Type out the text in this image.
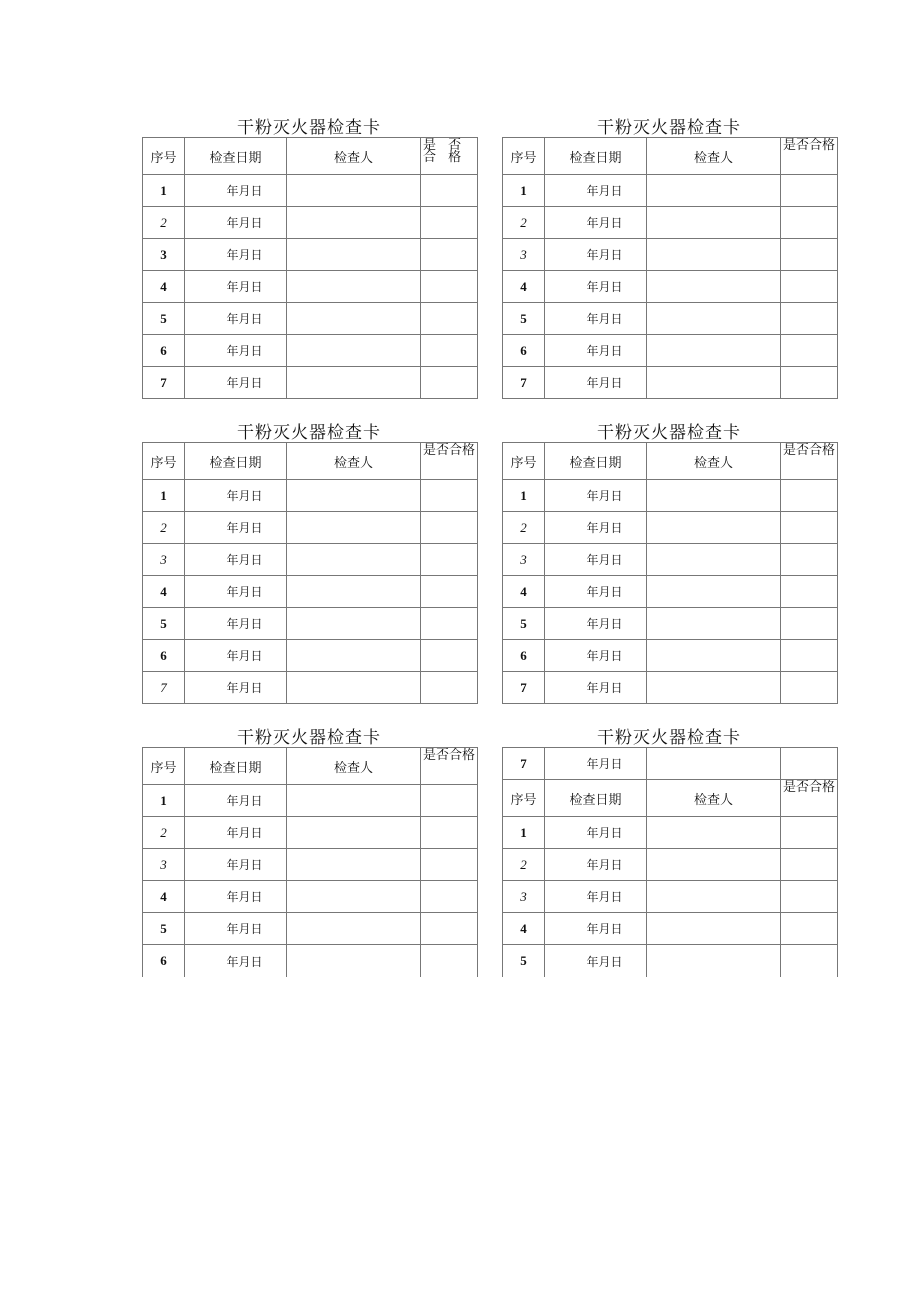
干粉灭火器检查卡
序号	检查日期	检查人
是 否
合 格
1	年月日
2	年月日
3	年月日
4	年月日
5	年月日
6	年月日
7	年月日
干粉灭火器检查卡
序号	检查日期	检查人
是否合格
1	年月日
2	年月日
3	年月日
4	年月日
5	年月日
6	年月日
7	年月日
干粉灭火器检查卡
序号	检查日期	检查人
是否合格
1	年月日
2	年月日
3	年月日
4	年月日
5	年月日
6	年月日
7	年月日
干粉灭火器检查卡
序号	检查日期	检查人
是否合格
1	年月日
2	年月日
3	年月日
4	年月日
5	年月日
6	年月日
7	年月日
干粉灭火器检查卡
序号	检查日期	检查人
是否合格
1	年月日
2	年月日
3	年月日
4	年月日
5	年月日
6	年月日
干粉灭火器检查卡
7	年月日
序号	检查日期	检查人
是否合格
1	年月日
2	年月日
3	年月日
4	年月日
5	年月日
